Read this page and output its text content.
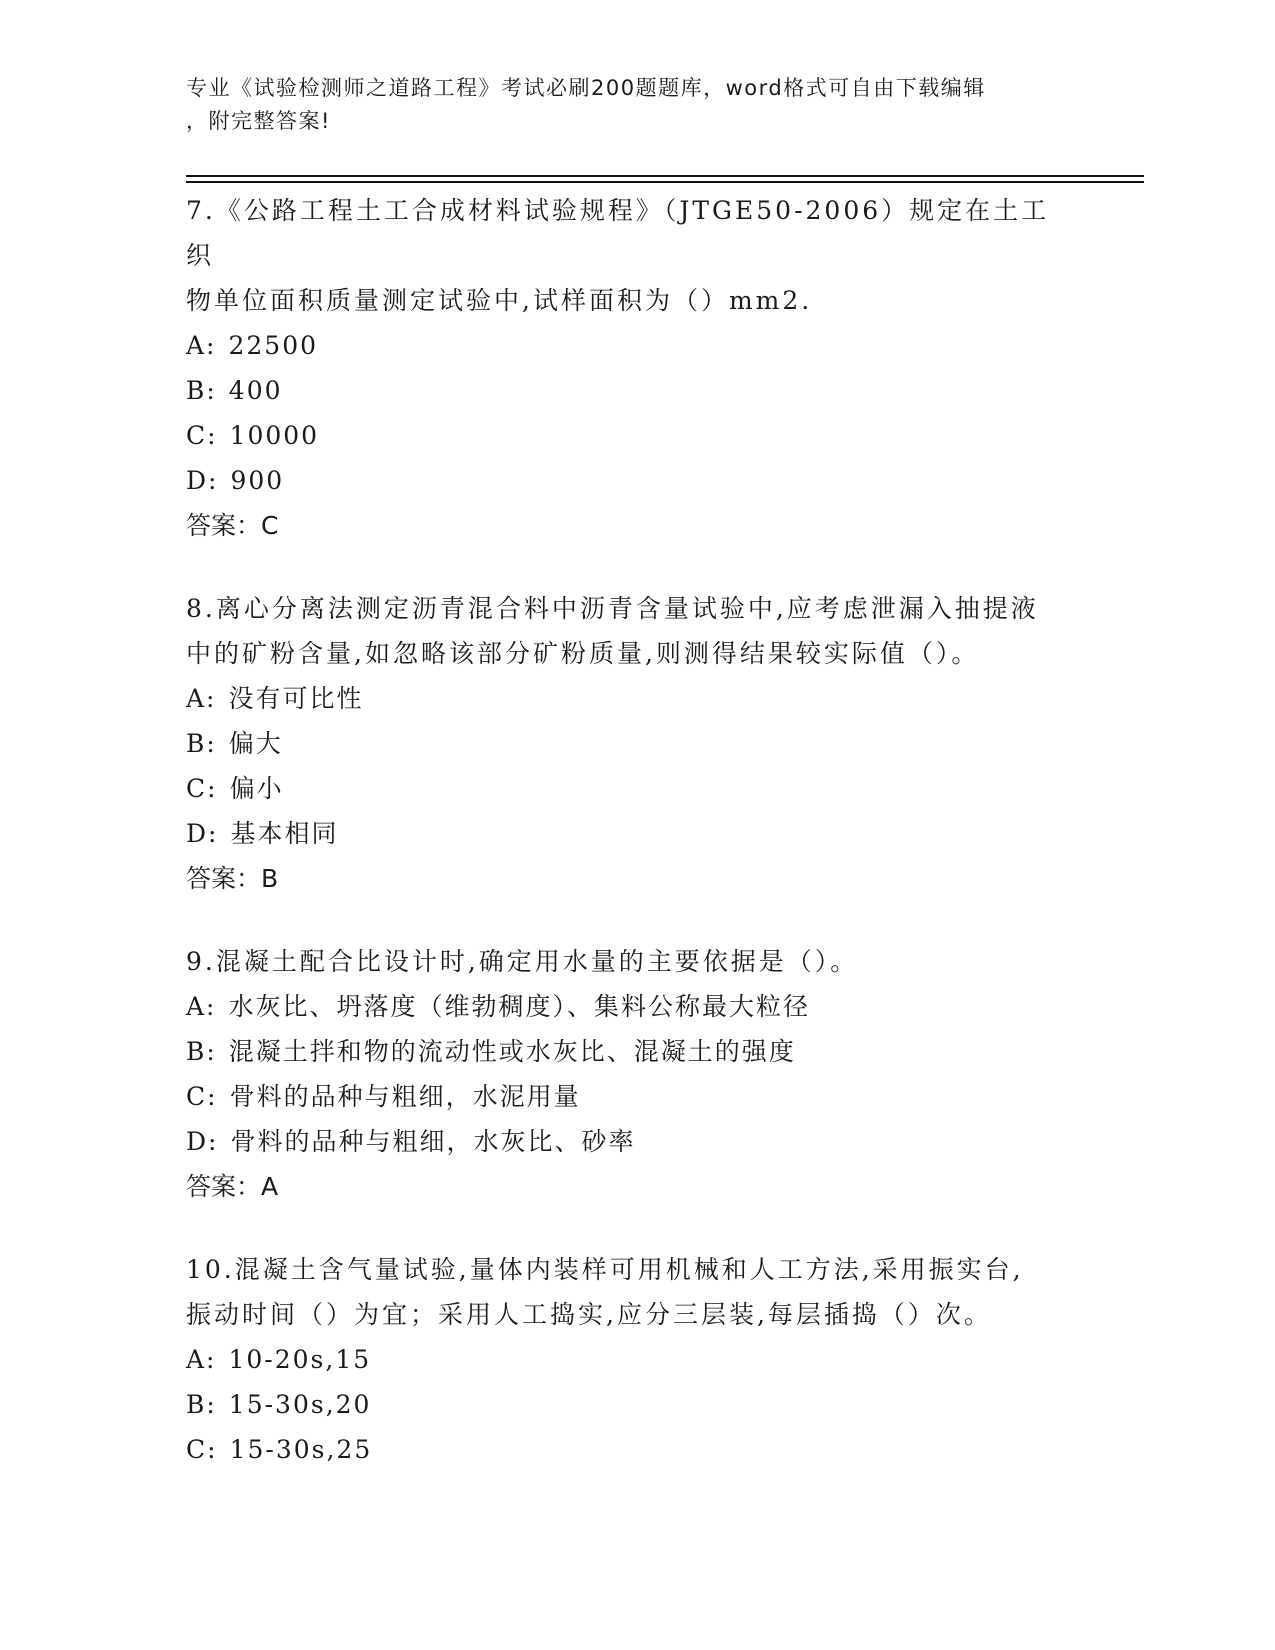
专业《试验检测师之道路工程》考试必刷200题题库，word格式可自由下载编辑

，附完整答案!

7.《公路工程土工合成材料试验规程》（JTGE50-2006）规定在土工织

物单位面积质量测定试验中,试样面积为（）mm2.

A: 22500

B: 400

C: 10000

D: 900

答案：C

8.离心分离法测定沥青混合料中沥青含量试验中,应考虑泄漏入抽提液

中的矿粉含量,如忽略该部分矿粉质量,则测得结果较实际值（）。

A: 没有可比性

B: 偏大

C: 偏小

D: 基本相同

答案：B

9.混凝土配合比设计时,确定用水量的主要依据是（）。

A: 水灰比、坍落度（维勃稠度）、集料公称最大粒径

B: 混凝土拌和物的流动性或水灰比、混凝土的强度

C: 骨料的品种与粗细，水泥用量

D: 骨料的品种与粗细，水灰比、砂率

答案：A

10.混凝土含气量试验,量体内装样可用机械和人工方法,采用振实台,

振动时间（）为宜；采用人工捣实,应分三层装,每层插捣（）次。

A: 10-20s,15

B: 15-30s,20

C: 15-30s,25
